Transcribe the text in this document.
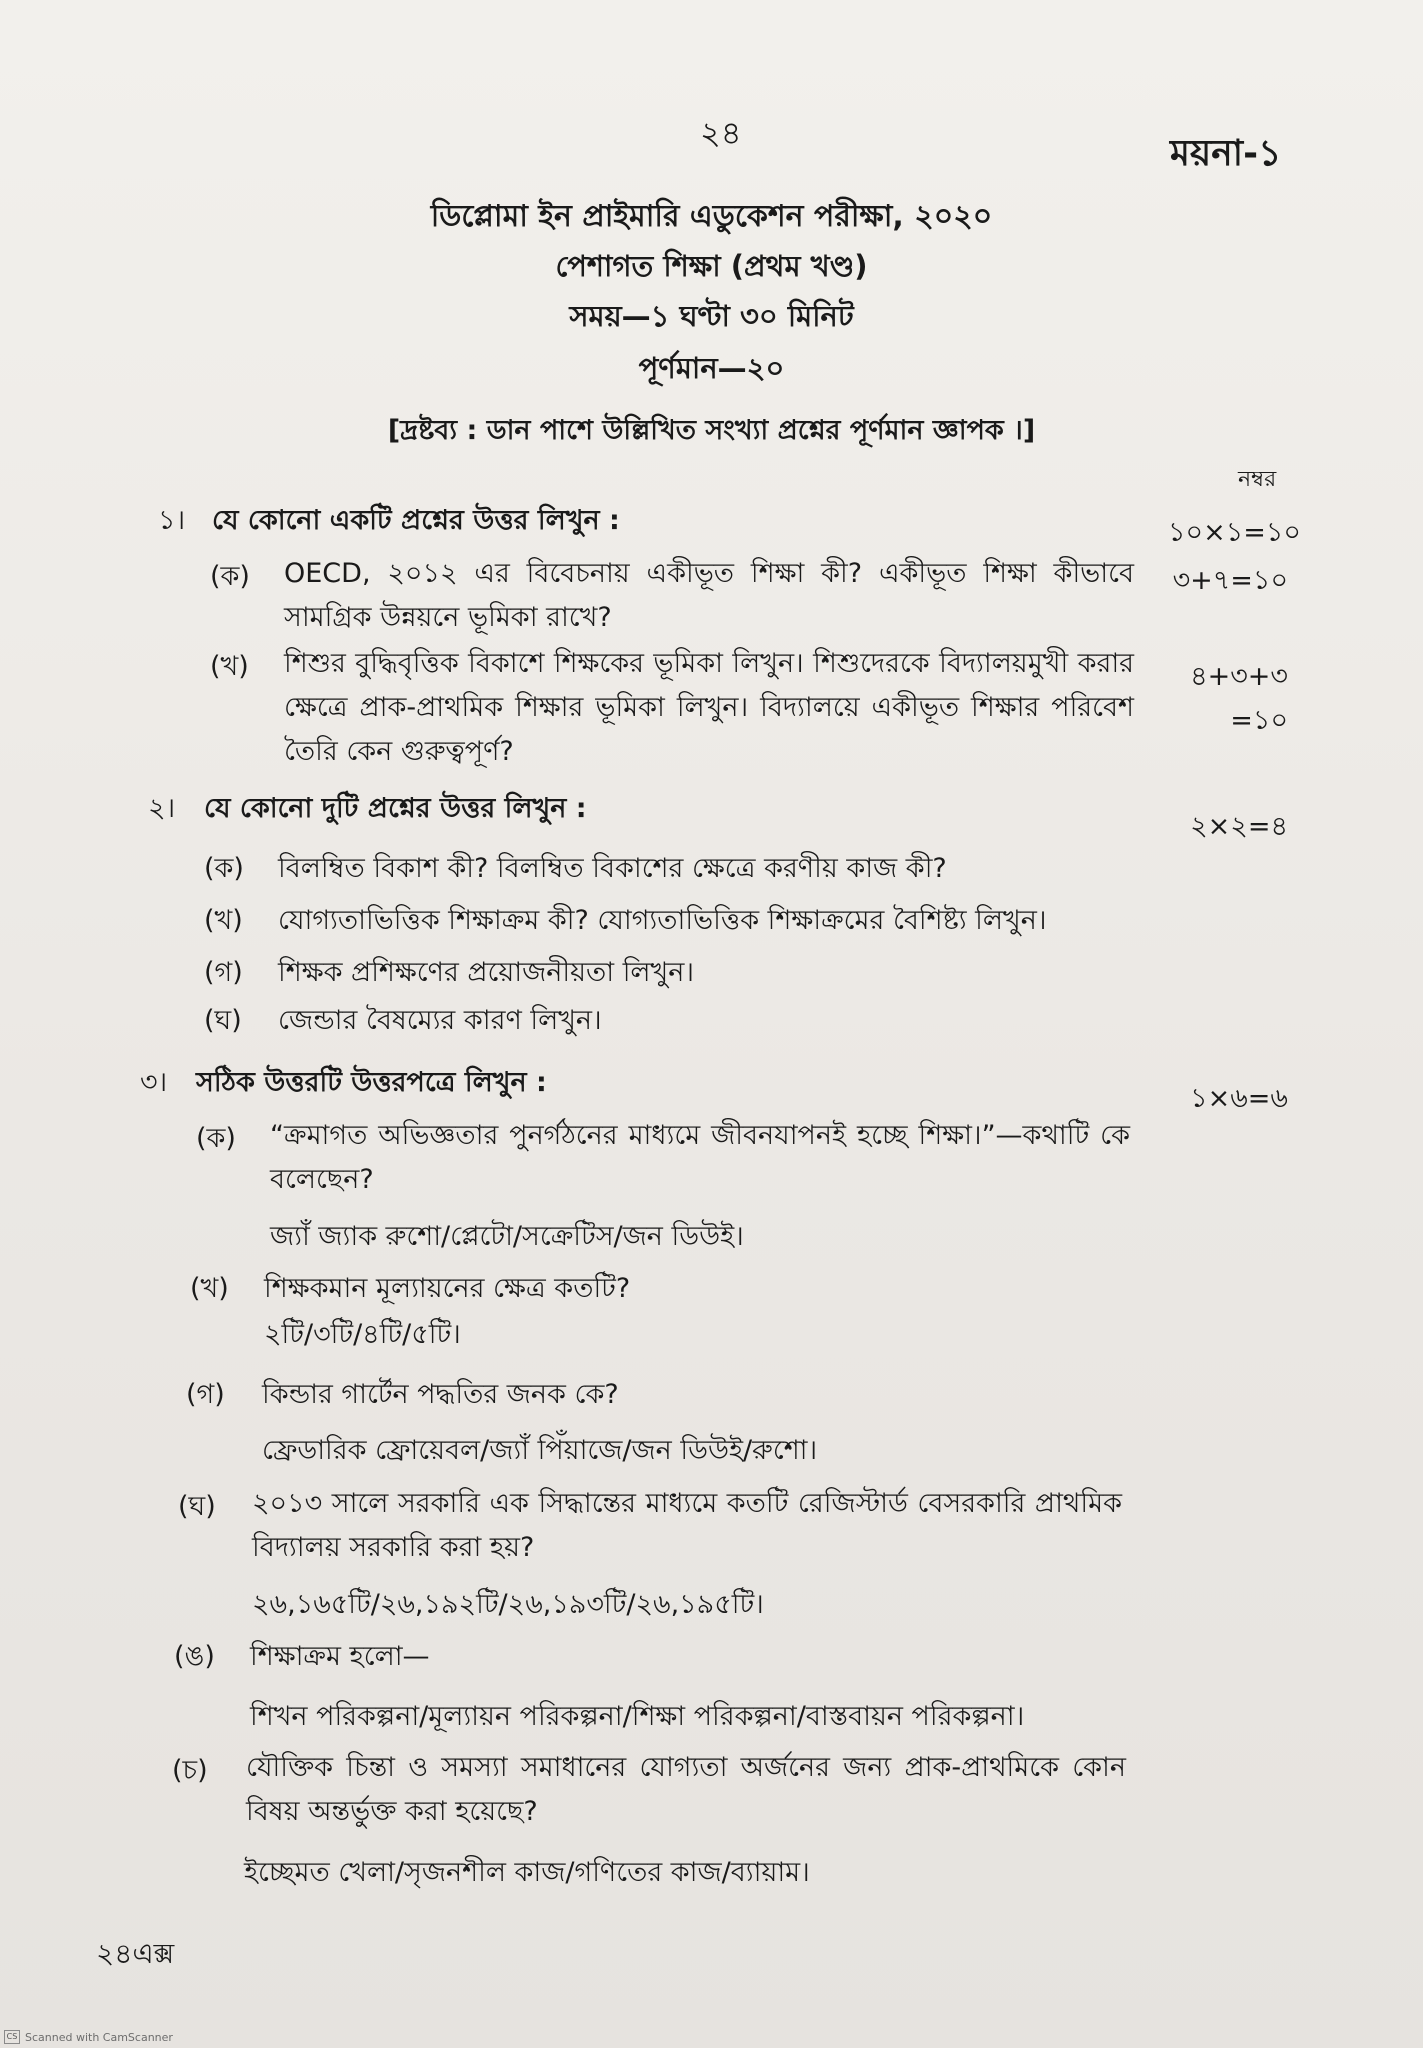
২৪	ময়না-১
ডিপ্লোমা ইন প্রাইমারি এডুকেশন পরীক্ষা, ২০২০
পেশাগত শিক্ষা (প্রথম খণ্ড)
সময়—১ ঘণ্টা ৩০ মিনিট
পূর্ণমান—২০
[দ্রষ্টব্য : ডান পাশে উল্লিখিত সংখ্যা প্রশ্নের পূর্ণমান জ্ঞাপক ।]
নম্বর
১। যে কোনো একটি প্রশ্নের উত্তর লিখুন :	১০×১=১০
(ক) OECD, ২০১২ এর বিবেচনায় একীভূত শিক্ষা কী? একীভূত শিক্ষা কীভাবে সামগ্রিক উন্নয়নে ভূমিকা রাখে?
৩+৭=১০
(খ) শিশুর বুদ্ধিবৃত্তিক বিকাশে শিক্ষকের ভূমিকা লিখুন। শিশুদেরকে বিদ্যালয়মুখী করার ক্ষেত্রে প্রাক-প্রাথমিক শিক্ষার ভূমিকা লিখুন। বিদ্যালয়ে একীভূত শিক্ষার পরিবেশ তৈরি কেন গুরুত্বপূর্ণ?
৪+৩+৩
=১০
২। যে কোনো দুটি প্রশ্নের উত্তর লিখুন :
২×২=৪
(ক) বিলম্বিত বিকাশ কী? বিলম্বিত বিকাশের ক্ষেত্রে করণীয় কাজ কী?
(খ) যোগ্যতাভিত্তিক শিক্ষাক্রম কী? যোগ্যতাভিত্তিক শিক্ষাক্রমের বৈশিষ্ট্য লিখুন।
(গ) শিক্ষক প্রশিক্ষণের প্রয়োজনীয়তা লিখুন।
(ঘ) জেন্ডার বৈষম্যের কারণ লিখুন।
৩। সঠিক উত্তরটি উত্তরপত্রে লিখুন :
১×৬=৬
(ক) “ক্রমাগত অভিজ্ঞতার পুনর্গঠনের মাধ্যমে জীবনযাপনই হচ্ছে শিক্ষা।”—কথাটি কে বলেছেন?
জ্যাঁ জ্যাক রুশো/প্লেটো/সক্রেটিস/জন ডিউই।
(খ) শিক্ষকমান মূল্যায়নের ক্ষেত্র কতটি?
২টি/৩টি/৪টি/৫টি।
(গ) কিন্ডার গার্টেন পদ্ধতির জনক কে?
ফ্রেডারিক ফ্রোয়েবল/জ্যাঁ পিঁয়াজে/জন ডিউই/রুশো।
(ঘ) ২০১৩ সালে সরকারি এক সিদ্ধান্তের মাধ্যমে কতটি রেজিস্টার্ড বেসরকারি প্রাথমিক বিদ্যালয় সরকারি করা হয়?
২৬,১৬৫টি/২৬,১৯২টি/২৬,১৯৩টি/২৬,১৯৫টি।
(ঙ) শিক্ষাক্রম হলো—
শিখন পরিকল্পনা/মূল্যায়ন পরিকল্পনা/শিক্ষা পরিকল্পনা/বাস্তবায়ন পরিকল্পনা।
(চ) যৌক্তিক চিন্তা ও সমস্যা সমাধানের যোগ্যতা অর্জনের জন্য প্রাক-প্রাথমিকে কোন বিষয় অন্তর্ভুক্ত করা হয়েছে?
ইচ্ছেমত খেলা/সৃজনশীল কাজ/গণিতের কাজ/ব্যায়াম।
২৪এক্স
CS Scanned with CamScanner
